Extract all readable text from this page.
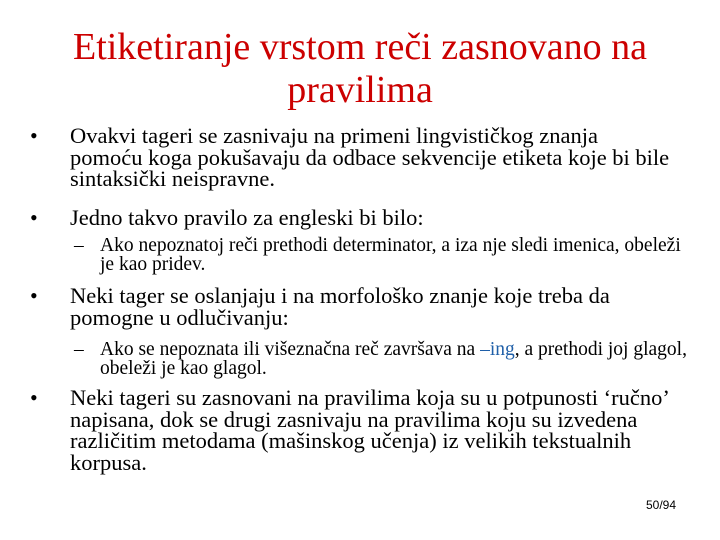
Etiketiranje vrstom reči zasnovano na
pravilima
• Ovakvi tageri se zasnivaju na primeni lingvističkog znanja pomoću koga pokušavaju da odbace sekvencije etiketa koje bi bile sintaksički neispravne.
• Jedno takvo pravilo za engleski bi bilo:
– Ako nepoznatoj reči prethodi determinator, a iza nje sledi imenica, obeleži je kao pridev.
• Neki tager se oslanjaju i na morfološko znanje koje treba da pomogne u odlučivanju:
– Ako se nepoznata ili višeznačna reč završava na –ing, a prethodi joj glagol, obeleži je kao glagol.
• Neki tageri su zasnovani na pravilima koja su u potpunosti ‘ručno’ napisana, dok se drugi zasnivaju na pravilima koju su izvedena različitim metodama (mašinskog učenja) iz velikih tekstualnih korpusa.
50/94
